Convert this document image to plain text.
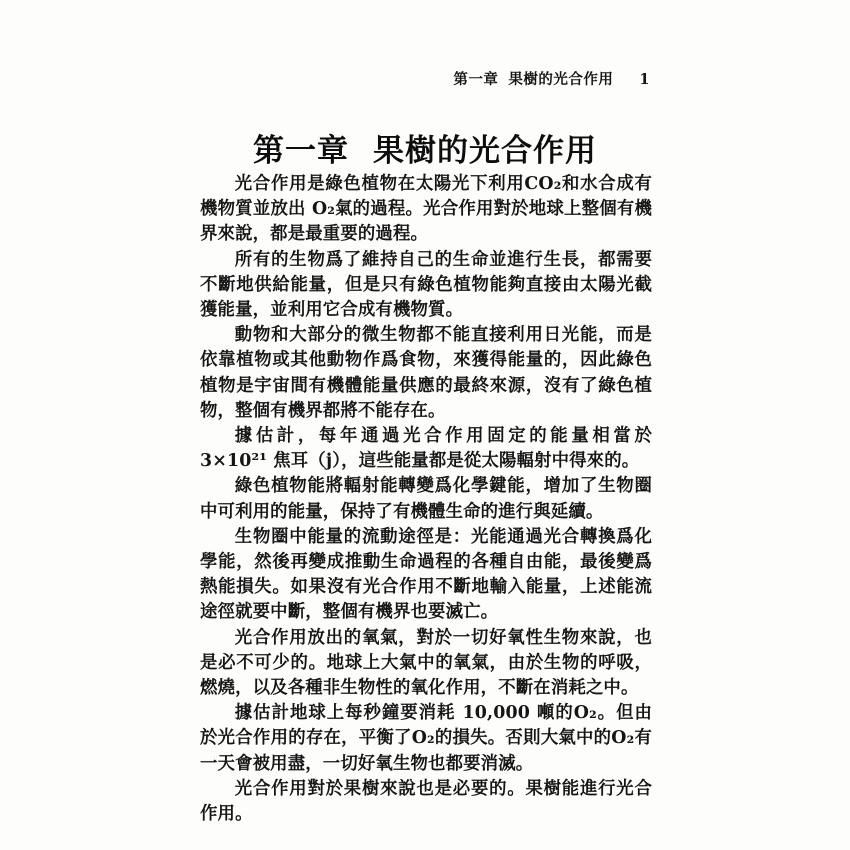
第一章 果樹的光合作用 1
第一章 果樹的光合作用

光合作用是綠色植物在太陽光下利用CO₂和水合成有機物質並放出 O₂氣的過程。光合作用對於地球上整個有機界來說，都是最重要的過程。

所有的生物爲了維持自己的生命並進行生長，都需要不斷地供給能量，但是只有綠色植物能夠直接由太陽光截獲能量，並利用它合成有機物質。

動物和大部分的微生物都不能直接利用日光能，而是依靠植物或其他動物作爲食物，來獲得能量的，因此綠色植物是宇宙間有機體能量供應的最終來源，沒有了綠色植物，整個有機界都將不能存在。

據估計，每年通過光合作用固定的能量相當於3×10²¹ 焦耳（j），這些能量都是從太陽輻射中得來的。

綠色植物能將輻射能轉變爲化學鍵能，增加了生物圈中可利用的能量，保持了有機體生命的進行與延續。

生物圈中能量的流動途徑是：光能通過光合轉換爲化學能，然後再變成推動生命過程的各種自由能，最後變爲熱能損失。如果沒有光合作用不斷地輸入能量，上述能流途徑就要中斷，整個有機界也要滅亡。

光合作用放出的氧氣，對於一切好氧性生物來說，也是必不可少的。地球上大氣中的氧氣，由於生物的呼吸，燃燒，以及各種非生物性的氧化作用，不斷在消耗之中。

據估計地球上每秒鐘要消耗 10,000 噸的O₂。但由於光合作用的存在，平衡了O₂的損失。否則大氣中的O₂有一天會被用盡，一切好氧生物也都要消滅。

光合作用對於果樹來說也是必要的。果樹能進行光合作用。
